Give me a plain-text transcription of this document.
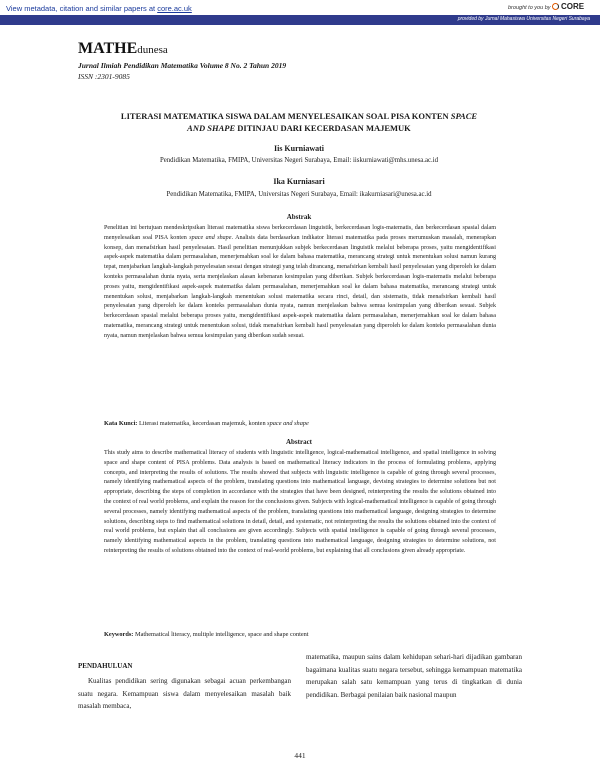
View metadata, citation and similar papers at core.ac.uk	brought to you by CORE
provided by Jurnal Mahasiswa Universitas Negeri Surabaya
MATHE dunesa
Jurnal Ilmiah Pendidikan Matematika Volume 8 No. 2 Tahun 2019
ISSN :2301-9085
LITERASI MATEMATIKA SISWA DALAM MENYELESAIKAN SOAL PISA KONTEN SPACE
AND SHAPE DITINJAU DARI KECERDASAN MAJEMUK
Iis Kurniawati
Pendidikan Matematika, FMIPA, Universitas Negeri Surabaya, Email: iiskurniawati@mhs.unesa.ac.id
Ika Kurniasari
Pendidikan Matematika, FMIPA, Universitas Negeri Surabaya, Email: ikakurniasari@unesa.ac.id
Abstrak
Penelitian ini bertujuan mendeskripsikan literasi matematika siswa berkecerdasan linguistik, berkecerdasan logis-matematis, dan berkecerdasan spasial dalam menyelesaikan soal PISA konten space and shape. Analisis data berdasarkan indikator literasi matematika pada proses merumuskan masalah, menerapkan konsep, dan menafsirkan hasil penyelesaian. Hasil penelitian menunjukkan subjek berkecerdasan linguistik melalui beberapa proses, yaitu mengidentifikasi aspek-aspek matematika dalam permasalahan, menerjemahkan soal ke dalam bahasa matematika, merancang strategi untuk menentukan solusi namun kurang tepat, menjabarkan langkah-langkah penyelesaian sesuai dengan strategi yang telah dirancang, menafsirkan kembali hasil penyelesaian yang diperoleh ke dalam konteks permasalahan dunia nyata, serta menjelaskan alasan kebenaran kesimpulan yang diberikan. Subjek berkecerdasan logis-matematis melalui beberapa proses yaitu, mengidentifikasi aspek-aspek matematika dalam permasalahan, menerjemahkan soal ke dalam bahasa matematika, merancang strategi untuk menentukan solusi, menjabarkan langkah-langkah menentukan solusi matematika secara rinci, detail, dan sistematis, tidak menafsirkan kembali hasil penyelesaian yang diperoleh ke dalam konteks permasalahan dunia nyata, namun menjelaskan bahwa semua kesimpulan yang diberikan sesuai. Subjek berkecerdasan spasial melalui beberapa proses yaitu, mengidentifikasi aspek-aspek matematika dalam permasalahan, menerjemahkan soal ke dalam bahasa matematika, merancang strategi untuk menentukan solusi, tidak menafsirkan kembali hasil penyelesaian yang diperoleh ke dalam konteks permasalahan dunia nyata, namun menjelaskan bahwa semua kesimpulan yang diberikan sudah sesuai.
Kata Kunci: Literasi matematika, kecerdasan majemuk, konten space and shape
Abstract
This study aims to describe mathematical literacy of students with linguistic intelligence, logical-mathematical intelligence, and spatial intelligence in solving space and shape content of PISA problems. Data analysis is based on mathematical literacy indicators in the process of formulating problems, applying concepts, and interpreting the results of solutions. The results showed that subjects with linguistic intelligence is capable of going through several processes, namely identifying mathematical aspects of the problem, translating questions into mathematical language, devising strategies to determine solutions but not appropriate, describing the steps of completion in accordance with the strategies that have been designed, reinterpreting the results the solutions obtained into the context of real world problems, and explain the reason for the conclusions given. Subjects with logical-mathematical intelligence is capable of going through several processes, namely identifying mathematical aspects of the problem, translating questions into mathematical language, designing strategies to determine solutions, describing steps to find mathematical solutions in detail, detail, and systematic, not reinterpreting the results the solutions obtained into the context of real world problems, but explain that all conclusions are given accordingly. Subjects with spatial intelligence is capable of going through several processes, namely identifying mathematical aspects in the problem, translating questions into mathematical language, designing strategies to determine solutions, not reinterpreting the results of solutions obtained into the context of real-world problems, but explaining that all conclusions given already appropriate.
Keywords: Mathematical literacy, multiple intelligence, space and shape content
PENDAHULUAN
Kualitas pendidikan sering digunakan sebagai acuan perkembangan suatu negara. Kemampuan siswa dalam menyelesaikan masalah baik masalah membaca,
matematika, maupun sains dalam kehidupan sehari-hari dijadikan gambaran bagaimana kualitas suatu negara tersebut, sehingga kemampuan matematika merupakan salah satu kemampuan yang terus di tingkatkan di dunia pendidikan. Berbagai penilaian baik nasional maupun
441
